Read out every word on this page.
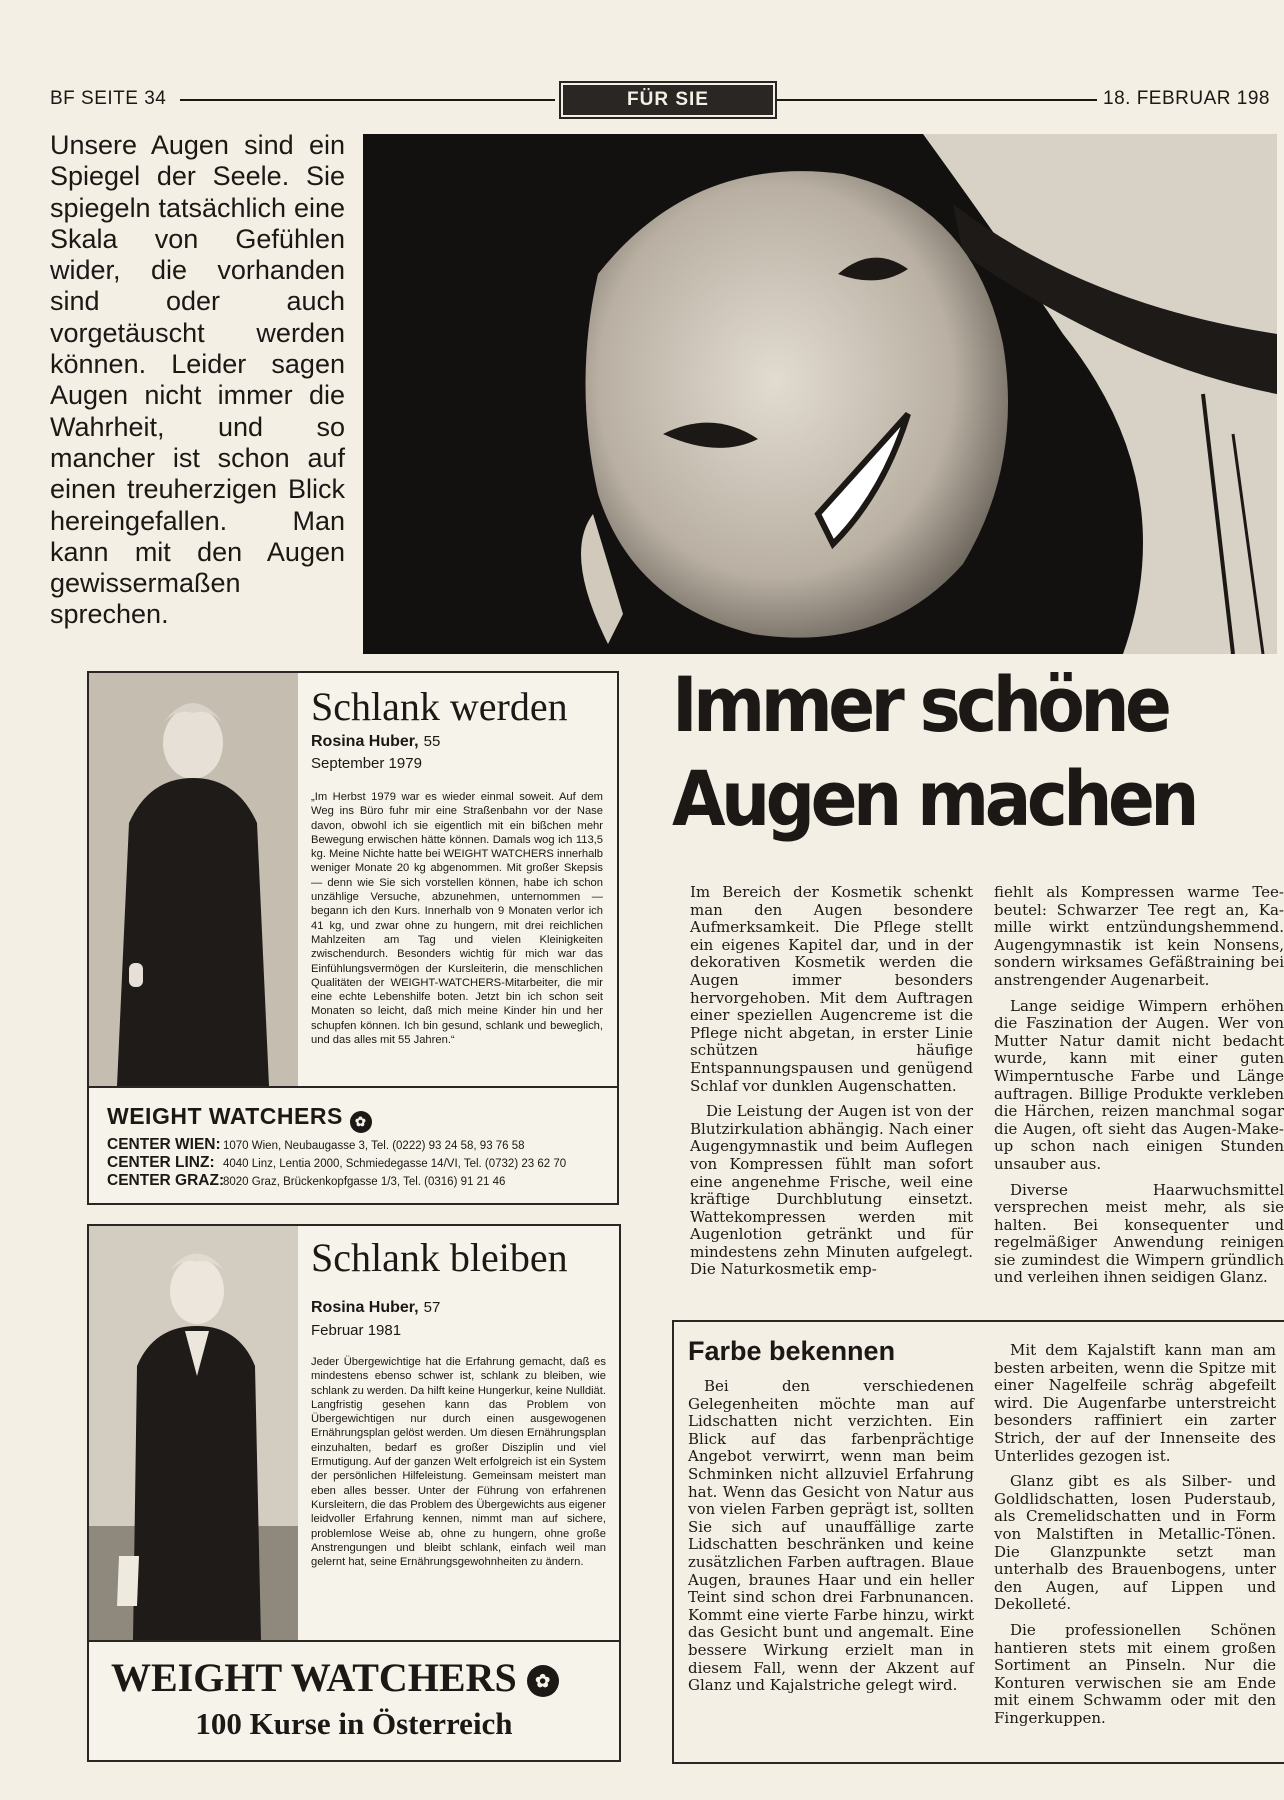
BF SEITE 34	FÜR SIE	18. FEBRUAR 198
Unsere Augen sind ein Spiegel der Seele. Sie spiegeln tatsächlich eine Skala von Gefühlen wider, die vorhanden sind oder auch vorgetäuscht werden können. Leider sagen Augen nicht immer die Wahrheit, und so mancher ist schon auf einen treuherzigen Blick hereingefallen. Man kann mit den Augen gewissermaßen sprechen.
Schlank werden
Rosina Huber, 55
September 1979
„Im Herbst 1979 war es wieder einmal soweit. Auf dem Weg ins Büro fuhr mir eine Straßenbahn vor der Nase davon, obwohl ich sie eigentlich mit ein bißchen mehr Bewegung erwischen hätte können. Damals wog ich 113,5 kg. Meine Nichte hatte bei WEIGHT WATCHERS innerhalb weniger Monate 20 kg abgenommen. Mit großer Skepsis — denn wie Sie sich vorstellen können, habe ich schon unzählige Versuche, abzunehmen, unternommen — begann ich den Kurs. Innerhalb von 9 Monaten verlor ich 41 kg, und zwar ohne zu hungern, mit drei reichlichen Mahlzeiten am Tag und vielen Kleinigkeiten zwischendurch. Besonders wichtig für mich war das Einfühlungsvermögen der Kursleiterin, die menschlichen Qualitäten der WEIGHT-WATCHERS-Mitarbeiter, die mir eine echte Lebenshilfe boten. Jetzt bin ich schon seit Monaten so leicht, daß mich meine Kinder hin und her schupfen können. Ich bin gesund, schlank und beweglich, und das alles mit 55 Jahren.“
WEIGHT WATCHERS ✿
CENTER WIEN: 1070 Wien, Neubaugasse 3, Tel. (0222) 93 24 58, 93 76 58
CENTER LINZ: 4040 Linz, Lentia 2000, Schmiedegasse 14/VI, Tel. (0732) 23 62 70
CENTER GRAZ:8020 Graz, Brückenkopfgasse 1/3, Tel. (0316) 91 21 46
Schlank bleiben
Rosina Huber, 57
Februar 1981
Jeder Übergewichtige hat die Erfahrung gemacht, daß es mindestens ebenso schwer ist, schlank zu bleiben, wie schlank zu werden. Da hilft keine Hungerkur, keine Nulldiät. Langfristig gesehen kann das Problem von Übergewichtigen nur durch einen ausgewogenen Ernährungsplan gelöst werden. Um diesen Ernährungsplan einzuhalten, bedarf es großer Disziplin und viel Ermutigung. Auf der ganzen Welt erfolgreich ist ein System der persönlichen Hilfeleistung. Gemeinsam meistert man eben alles besser. Unter der Führung von erfahrenen Kursleitern, die das Problem des Übergewichts aus eigener leidvoller Erfahrung kennen, nimmt man auf sichere, problemlose Weise ab, ohne zu hungern, ohne große Anstrengungen und bleibt schlank, einfach weil man gelernt hat, seine Ernährungsgewohnheiten zu ändern.
WEIGHT WATCHERS ✿
100 Kurse in Österreich
Immer schöne
Augen machen

Im Bereich der Kosmetik schenkt man den Augen besondere Aufmerksamkeit. Die Pflege stellt ein eigenes Kapitel dar, und in der dekorativen Kosmetik werden die Augen immer besonders hervorgehoben. Mit dem Auftragen einer speziellen Augencreme ist die Pflege nicht abgetan, in erster Linie schützen häufige Entspannungspausen und genügend Schlaf vor dunklen Augenschatten.

Die Leistung der Augen ist von der Blutzirkulation abhängig. Nach einer Augengymnastik und beim Auflegen von Kompressen fühlt man sofort eine angenehme Frische, weil eine kräftige Durchblutung einsetzt. Wattekompressen werden mit Augenlotion getränkt und für mindestens zehn Minuten aufgelegt. Die Naturkosmetik emp-

fiehlt als Kompressen warme Tee-beutel: Schwarzer Tee regt an, Ka-mille wirkt entzündungshemmend. Augengymnastik ist kein Nonsens, sondern wirksames Gefäßtraining bei anstrengender Augenarbeit.

Lange seidige Wimpern erhöhen die Faszination der Augen. Wer von Mutter Natur damit nicht bedacht wurde, kann mit einer guten Wimperntusche Farbe und Länge auftragen. Billige Produkte verkleben die Härchen, reizen manchmal sogar die Augen, oft sieht das Augen-Make-up schon nach einigen Stunden unsauber aus.

Diverse Haarwuchsmittel versprechen meist mehr, als sie halten. Bei konsequenter und regelmäßiger Anwendung reinigen sie zumindest die Wimpern gründlich und verleihen ihnen seidigen Glanz.

Farbe bekennen

Bei den verschiedenen Gelegenheiten möchte man auf Lidschatten nicht verzichten. Ein Blick auf das farbenprächtige Angebot verwirrt, wenn man beim Schminken nicht allzuviel Erfahrung hat. Wenn das Gesicht von Natur aus von vielen Farben geprägt ist, sollten Sie sich auf unauffällige zarte Lidschatten beschränken und keine zusätzlichen Farben auftragen. Blaue Augen, braunes Haar und ein heller Teint sind schon drei Farbnunancen. Kommt eine vierte Farbe hinzu, wirkt das Gesicht bunt und angemalt. Eine bessere Wirkung erzielt man in diesem Fall, wenn der Akzent auf Glanz und Kajalstriche gelegt wird.

Mit dem Kajalstift kann man am besten arbeiten, wenn die Spitze mit einer Nagelfeile schräg abgefeilt wird. Die Augenfarbe unterstreicht besonders raffiniert ein zarter Strich, der auf der Innenseite des Unterlides gezogen ist.

Glanz gibt es als Silber- und Goldlidschatten, losen Puderstaub, als Cremelidschatten und in Form von Malstiften in Metallic-Tönen. Die Glanzpunkte setzt man unterhalb des Brauenbogens, unter den Augen, auf Lippen und Dekolleté.

Die professionellen Schönen hantieren stets mit einem großen Sortiment an Pinseln. Nur die Konturen verwischen sie am Ende mit einem Schwamm oder mit den Fingerkuppen.
